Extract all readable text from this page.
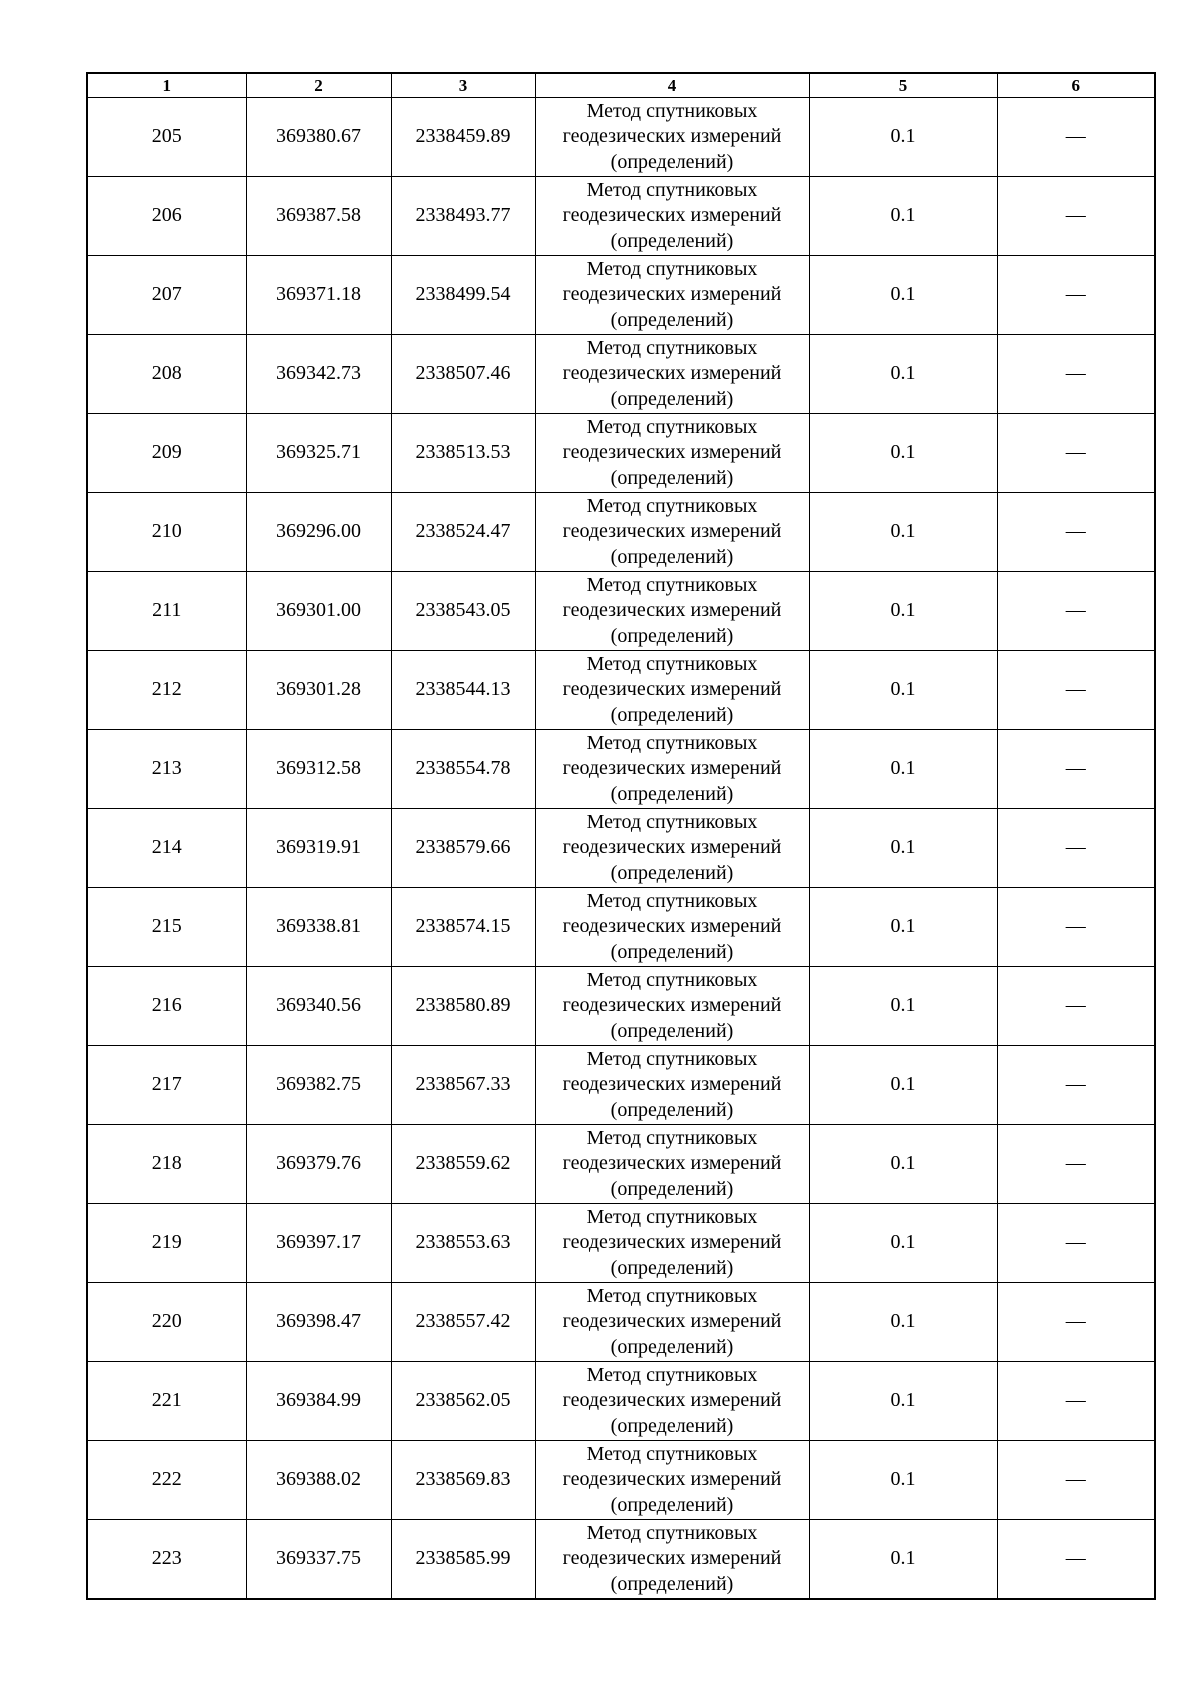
1	2	3	4	5	6
205	369380.67	2338459.89	Метод спутниковых
геодезических измерений
(определений)	0.1	—
206	369387.58	2338493.77	Метод спутниковых
геодезических измерений
(определений)	0.1	—
207	369371.18	2338499.54	Метод спутниковых
геодезических измерений
(определений)	0.1	—
208	369342.73	2338507.46	Метод спутниковых
геодезических измерений
(определений)	0.1	—
209	369325.71	2338513.53	Метод спутниковых
геодезических измерений
(определений)	0.1	—
210	369296.00	2338524.47	Метод спутниковых
геодезических измерений
(определений)	0.1	—
211	369301.00	2338543.05	Метод спутниковых
геодезических измерений
(определений)	0.1	—
212	369301.28	2338544.13	Метод спутниковых
геодезических измерений
(определений)	0.1	—
213	369312.58	2338554.78	Метод спутниковых
геодезических измерений
(определений)	0.1	—
214	369319.91	2338579.66	Метод спутниковых
геодезических измерений
(определений)	0.1	—
215	369338.81	2338574.15	Метод спутниковых
геодезических измерений
(определений)	0.1	—
216	369340.56	2338580.89	Метод спутниковых
геодезических измерений
(определений)	0.1	—
217	369382.75	2338567.33	Метод спутниковых
геодезических измерений
(определений)	0.1	—
218	369379.76	2338559.62	Метод спутниковых
геодезических измерений
(определений)	0.1	—
219	369397.17	2338553.63	Метод спутниковых
геодезических измерений
(определений)	0.1	—
220	369398.47	2338557.42	Метод спутниковых
геодезических измерений
(определений)	0.1	—
221	369384.99	2338562.05	Метод спутниковых
геодезических измерений
(определений)	0.1	—
222	369388.02	2338569.83	Метод спутниковых
геодезических измерений
(определений)	0.1	—
223	369337.75	2338585.99	Метод спутниковых
геодезических измерений
(определений)	0.1	—
